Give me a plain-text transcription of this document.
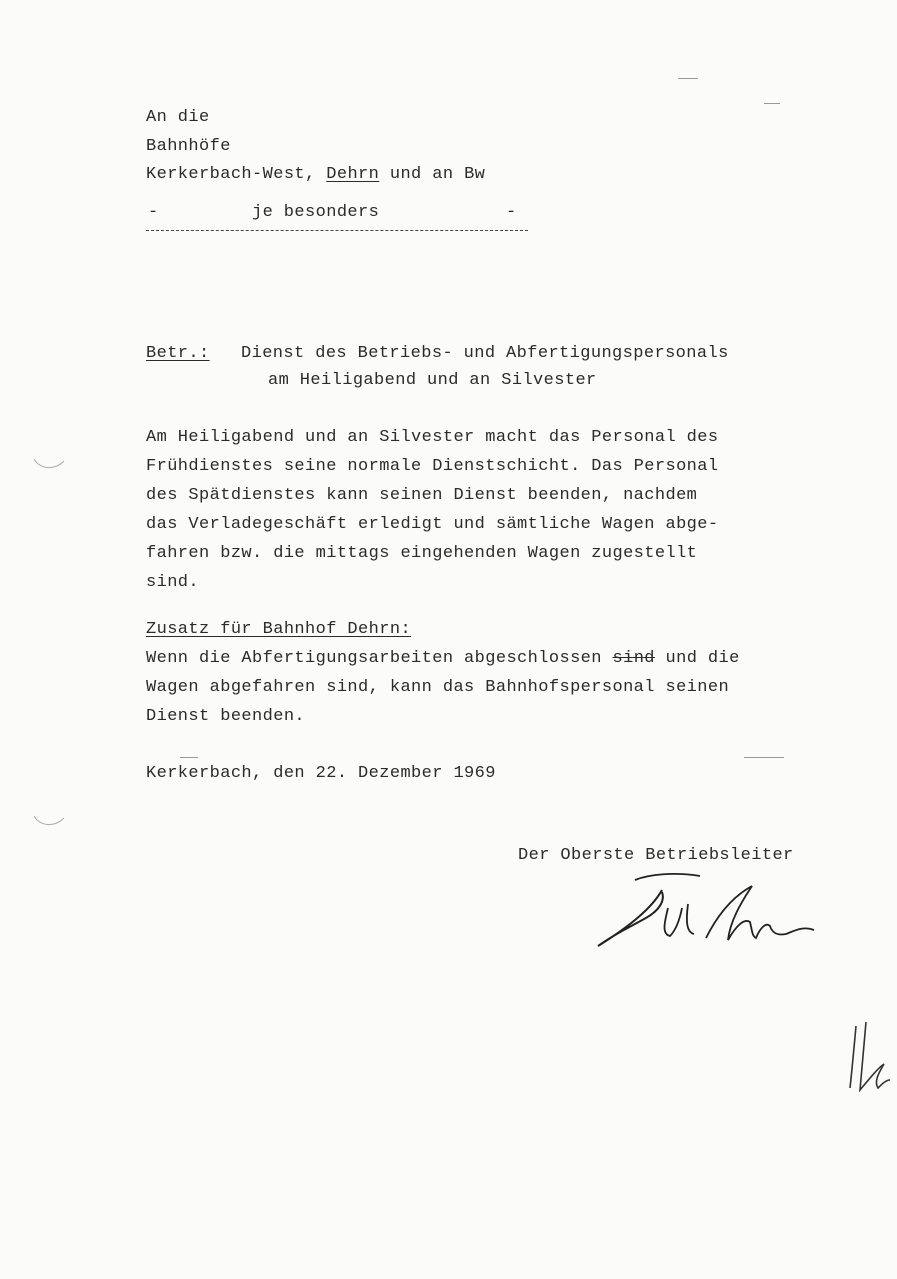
An die
Bahnhöfe
Kerkerbach-West, Dehrn und an Bw
-	je besonders	-
Betr.: Dienst des Betriebs- und Abfertigungspersonals
am Heiligabend und an Silvester
Am Heiligabend und an Silvester macht das Personal des
Frühdienstes seine normale Dienstschicht. Das Personal
des Spätdienstes kann seinen Dienst beenden, nachdem
das Verladegeschäft erledigt und sämtliche Wagen abge-
fahren bzw. die mittags eingehenden Wagen zugestellt
sind.
Zusatz für Bahnhof Dehrn:
Wenn die Abfertigungsarbeiten abgeschlossen sind und die
Wagen abgefahren sind, kann das Bahnhofspersonal seinen
Dienst beenden.
Kerkerbach, den 22. Dezember 1969
Der Oberste Betriebsleiter
